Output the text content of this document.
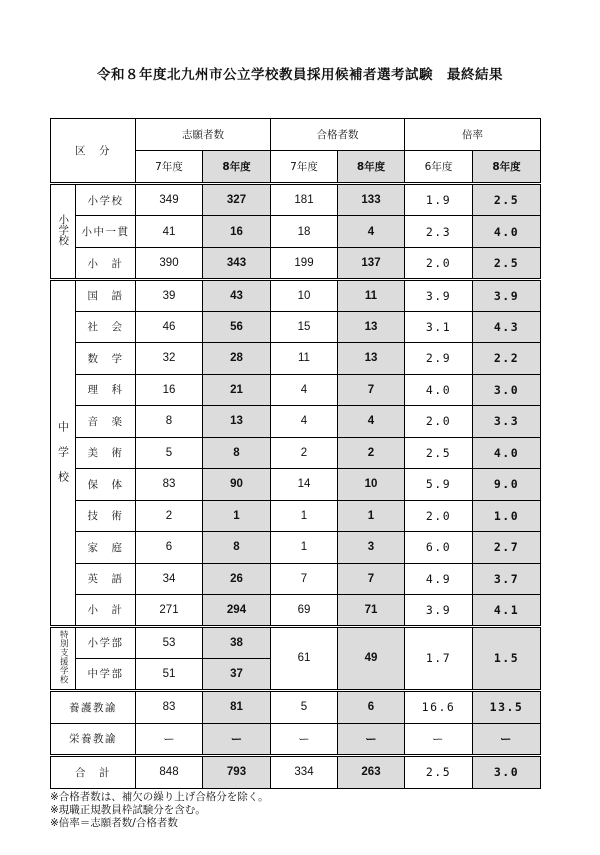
令和８年度北九州市公立学校教員採用候補者選考試験　最終結果
区　分		志願者数		合格者数		倍率	
		7年度	8年度	7年度	8年度	6年度	8年度
小学校	小学校	349	327	181	133	1.9	2.5
	小中一貫	41	16	18	4	2.3	4.0
	小　計	390	343	199	137	2.0	2.5
中学校	国　語	39	43	10	11	3.9	3.9
	社　会	46	56	15	13	3.1	4.3
	数　学	32	28	11	13	2.9	2.2
	理　科	16	21	4	7	4.0	3.0
	音　楽	8	13	4	4	2.0	3.3
	美　術	5	8	2	2	2.5	4.0
	保　体	83	90	14	10	5.9	9.0
	技　術	2	1	1	1	2.0	1.0
	家　庭	6	8	1	3	6.0	2.7
	英　語	34	26	7	7	4.9	3.7
	小　計	271	294	69	71	3.9	4.1
特別支援学校	小学部	53	38	61	49	1.7	1.5
	中学部	51	37				
養護教諭		83	81	5	6	16.6	13.5
栄養教諭		ー	ー	ー	ー	ー	ー
合　計		848	793	334	263	2.5	3.0

※合格者数は、補欠の繰り上げ合格分を除く。

※現職正規教員枠試験分を含む。

※倍率＝志願者数/合格者数
